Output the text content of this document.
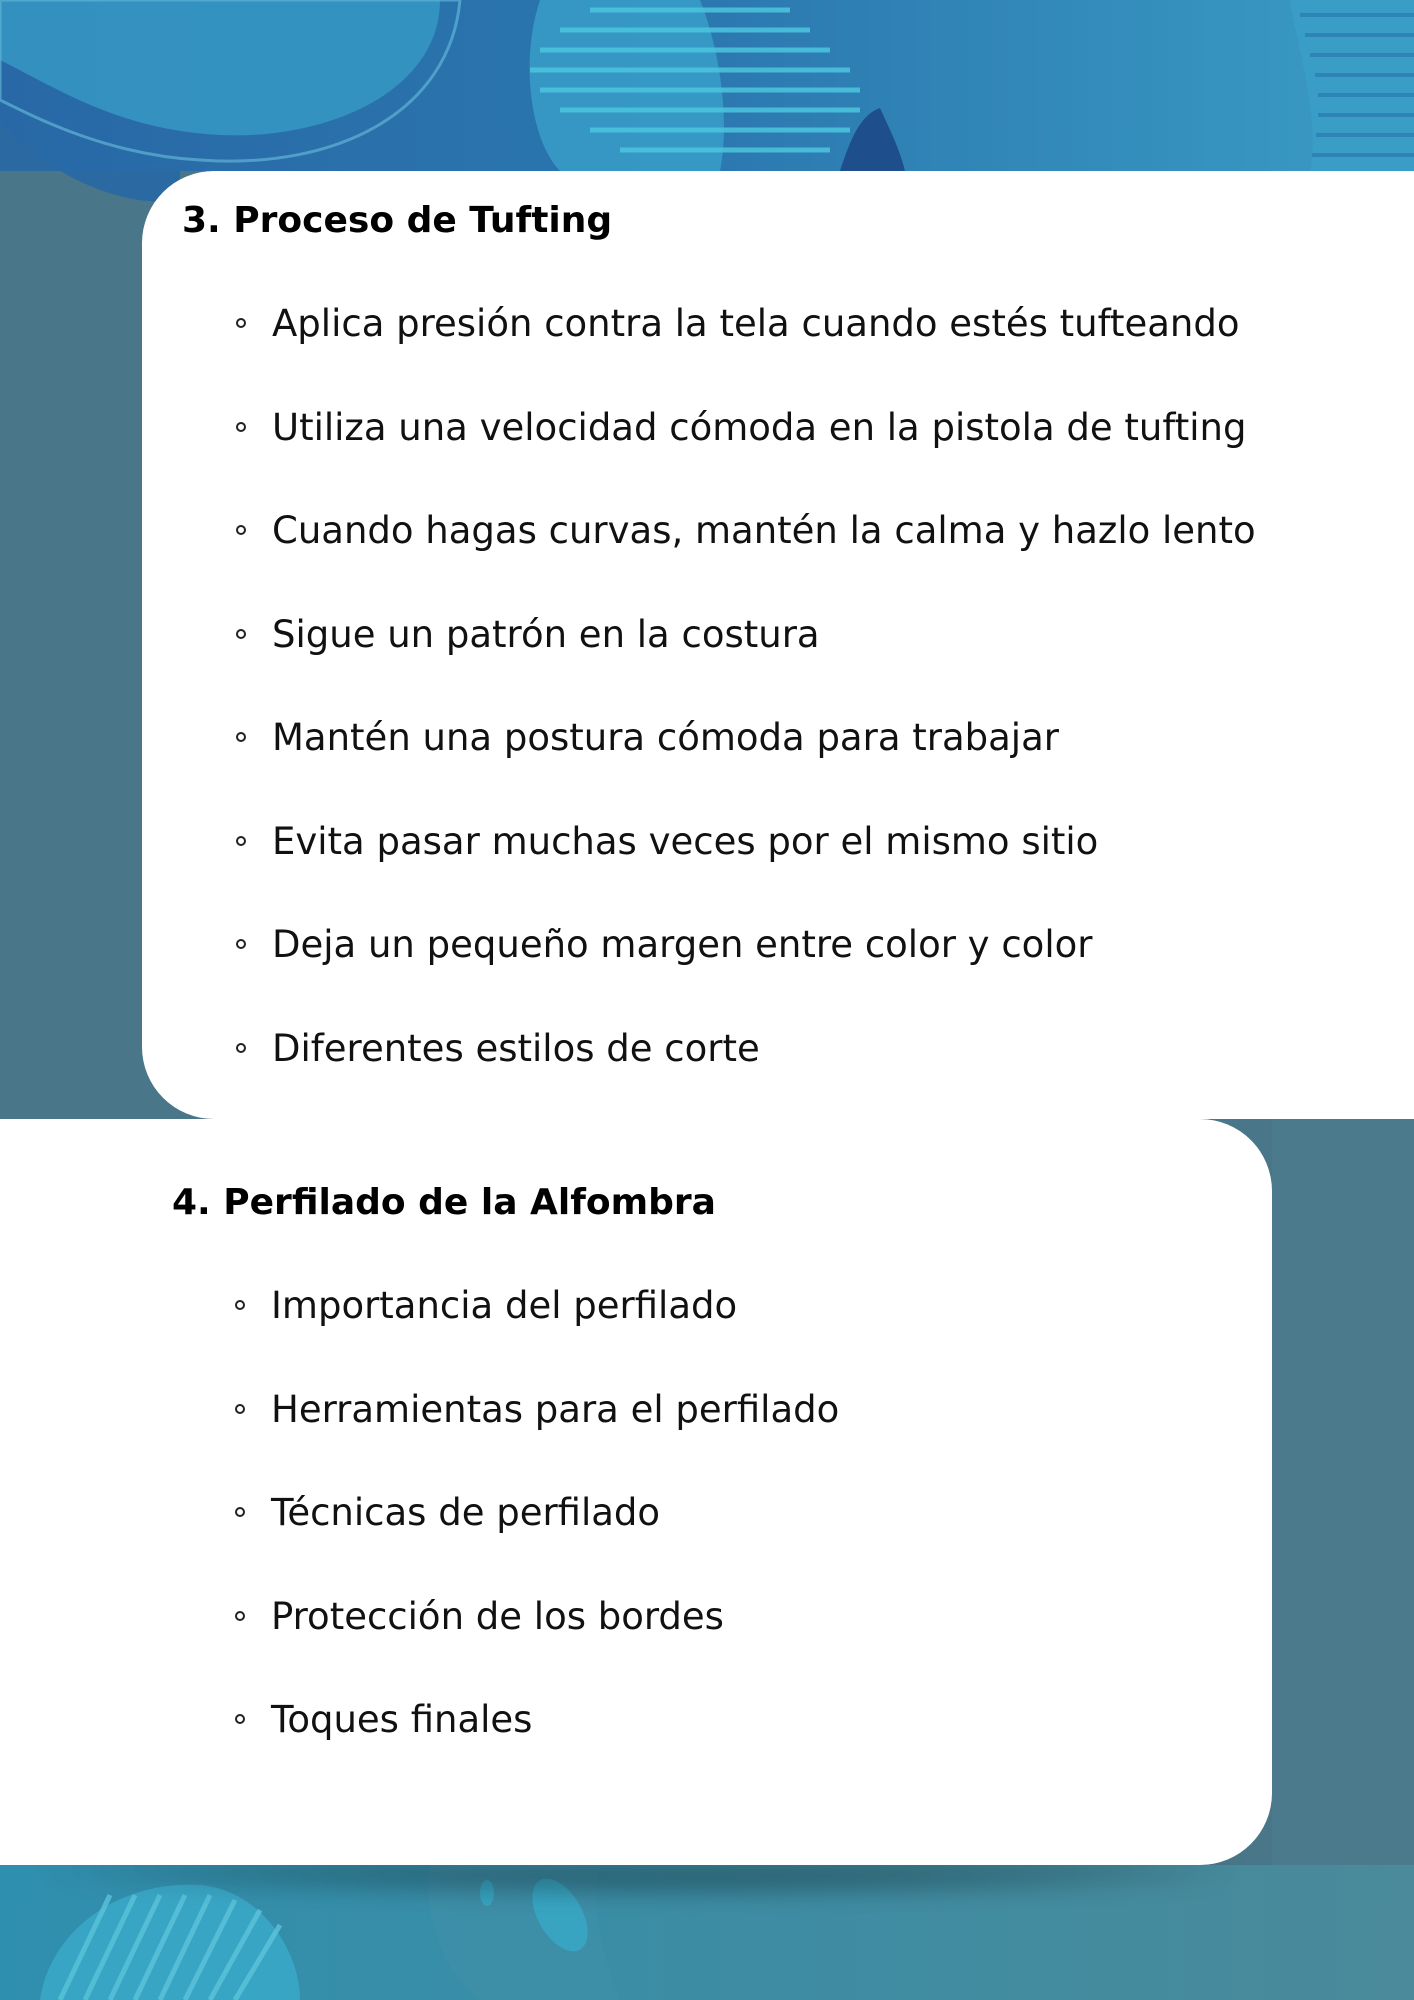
3. Proceso de Tufting
Aplica presión contra la tela cuando estés tufteando
Utiliza una velocidad cómoda en la pistola de tufting
Cuando hagas curvas, mantén la calma y hazlo lento
Sigue un patrón en la costura
Mantén una postura cómoda para trabajar
Evita pasar muchas veces por el mismo sitio
Deja un pequeño margen entre color y color
Diferentes estilos de corte
4. Perfilado de la Alfombra
Importancia del perfilado
Herramientas para el perfilado
Técnicas de perfilado
Protección de los bordes
Toques finales
